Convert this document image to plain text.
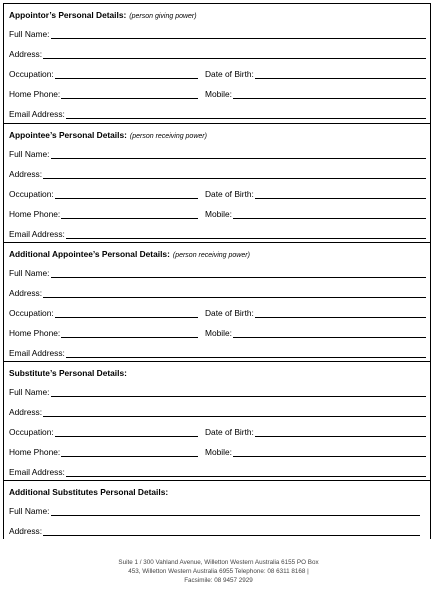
Appointor’s Personal Details: (person giving power)
Full Name:
Address:
Occupation:	Date of Birth:
Home Phone:	Mobile:
Email Address:
Appointee’s Personal Details: (person receiving power)
Full Name:
Address:
Occupation:	Date of Birth:
Home Phone:	Mobile:
Email Address:
Additional Appointee’s Personal Details: (person receiving power)
Full Name:
Address:
Occupation:	Date of Birth:
Home Phone:	Mobile:
Email Address:
Substitute’s Personal Details:
Full Name:
Address:
Occupation:	Date of Birth:
Home Phone:	Mobile:
Email Address:
Additional Substitutes Personal Details:
Full Name:
Address:
Suite 1 / 300 Vahland Avenue, Willetton Western Australia 6155 PO Box
453, Willetton Western Australia 6955 Telephone: 08 6311 8168 |
Facsimile: 08 9457 2929
